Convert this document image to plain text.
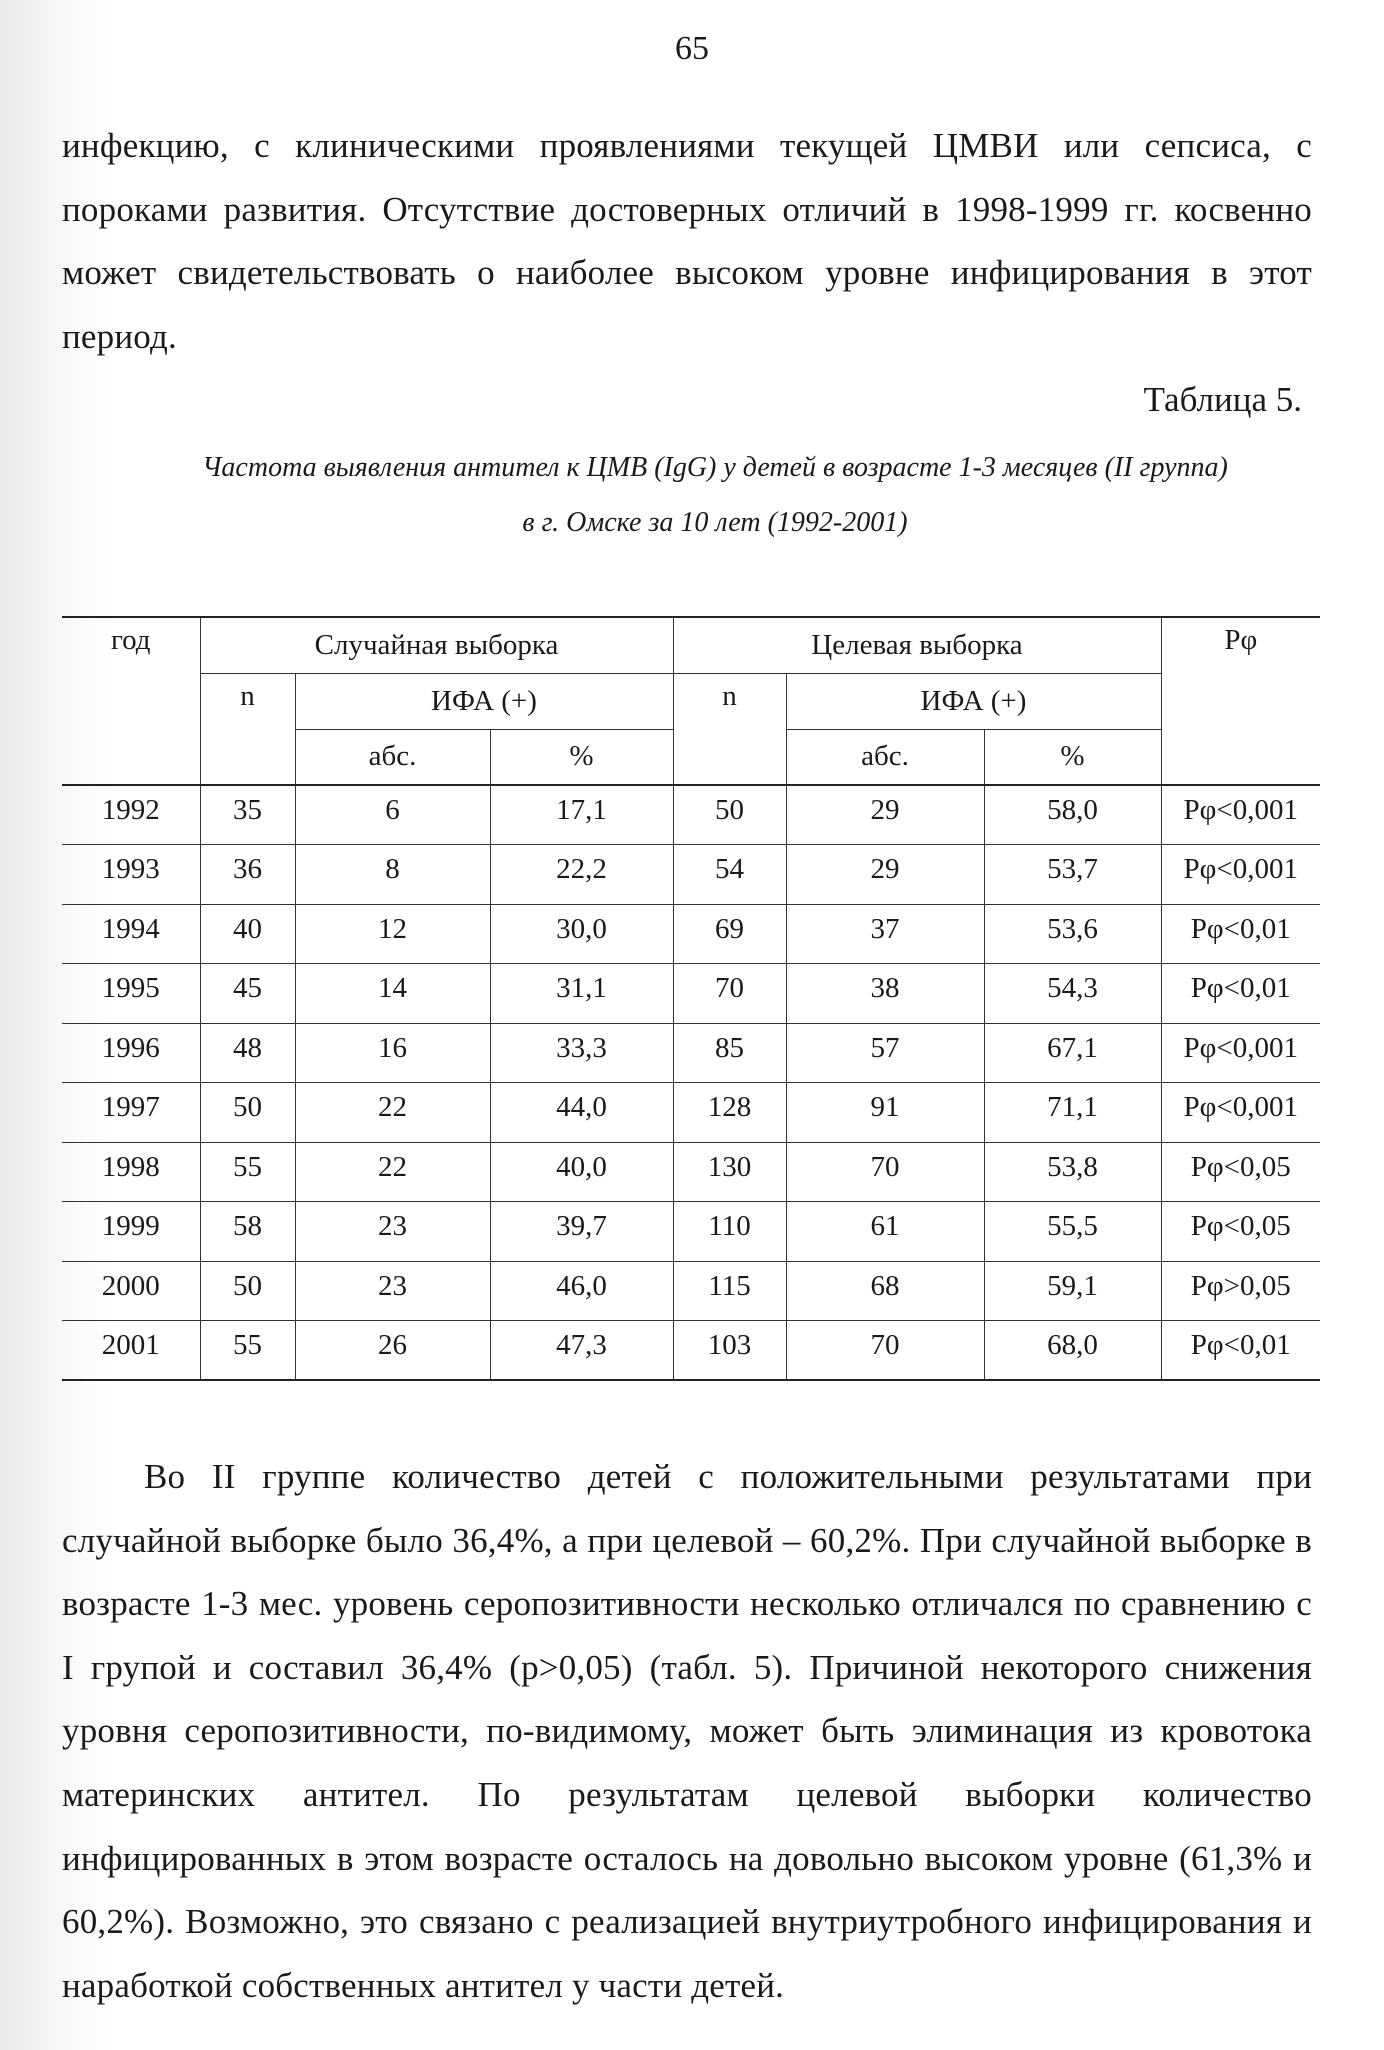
65
инфекцию, с клиническими проявлениями текущей ЦМВИ или сепсиса, с пороками развития. Отсутствие достоверных отличий в 1998-1999 гг. косвенно может свидетельствовать о наиболее высоком уровне инфицирования в этот период.
Таблица 5.
Частота выявления антител к ЦМВ (IgG) у детей в возрасте 1-3 месяцев (II группа)
в г. Омске за 10 лет (1992-2001)
год	Случайная выборка			Целевая выборка			Рφ
	n	ИФА (+)		n	ИФА (+)		
		абс.	%		абс.	%	
1992	35	6	17,1	50	29	58,0	Рφ<0,001
1993	36	8	22,2	54	29	53,7	Рφ<0,001
1994	40	12	30,0	69	37	53,6	Рφ<0,01
1995	45	14	31,1	70	38	54,3	Рφ<0,01
1996	48	16	33,3	85	57	67,1	Рφ<0,001
1997	50	22	44,0	128	91	71,1	Рφ<0,001
1998	55	22	40,0	130	70	53,8	Рφ<0,05
1999	58	23	39,7	110	61	55,5	Рφ<0,05
2000	50	23	46,0	115	68	59,1	Рφ>0,05
2001	55	26	47,3	103	70	68,0	Рφ<0,01
Во II группе количество детей с положительными результатами при случайной выборке было 36,4%, а при целевой – 60,2%. При случайной выборке в возрасте 1-3 мес. уровень серопозитивности несколько отличался по сравнению с I групой и составил 36,4% (р>0,05) (табл. 5). Причиной некоторого снижения уровня серопозитивности, по-видимому, может быть элиминация из кровотока материнских антител. По результатам целевой выборки количество инфицированных в этом возрасте осталось на довольно высоком уровне (61,3% и 60,2%). Возможно, это связано с реализацией внутриутробного инфицирования и наработкой собственных антител у части детей.
